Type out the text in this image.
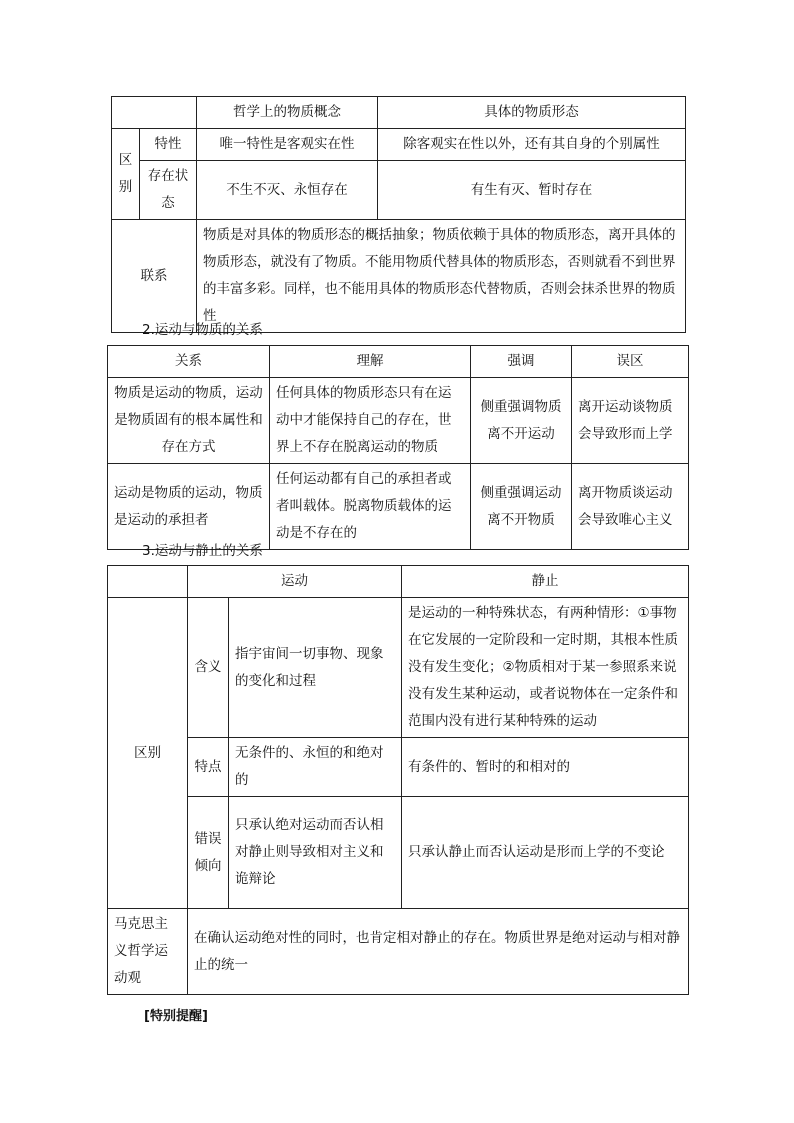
		哲学上的物质概念	具体的物质形态
区别	特性	唯一特性是客观实在性	除客观实在性以外，还有其自身的个别属性
	存在状态	不生不灭、永恒存在	有生有灭、暂时存在
联系		物质是对具体的物质形态的概括抽象；物质依赖于具体的物质形态，离开具体的物质形态，就没有了物质。不能用物质代替具体的物质形态，否则就看不到世界的丰富多彩。同样，也不能用具体的物质形态代替物质，否则会抹杀世界的物质性	
2.运动与物质的关系
关系	理解	强调	误区
物质是运动的物质，运动是物质固有的根本属性和存在方式	任何具体的物质形态只有在运动中才能保持自己的存在，世界上不存在脱离运动的物质	侧重强调物质离不开运动	离开运动谈物质会导致形而上学
运动是物质的运动，物质是运动的承担者	任何运动都有自己的承担者或者叫载体。脱离物质载体的运动是不存在的	侧重强调运动离不开物质	离开物质谈运动会导致唯心主义
3.运动与静止的关系
	运动		静止
区别	含义	指宇宙间一切事物、现象的变化和过程	是运动的一种特殊状态，有两种情形：①事物在它发展的一定阶段和一定时期，其根本性质没有发生变化；②物质相对于某一参照系来说没有发生某种运动，或者说物体在一定条件和范围内没有进行某种特殊的运动
	特点	无条件的、永恒的和绝对的	有条件的、暂时的和相对的
	错误倾向	只承认绝对运动而否认相对静止则导致相对主义和诡辩论	只承认静止而否认运动是形而上学的不变论
马克思主义哲学运动观	在确认运动绝对性的同时，也肯定相对静止的存在。物质世界是绝对运动与相对静止的统一		
[特别提醒]
